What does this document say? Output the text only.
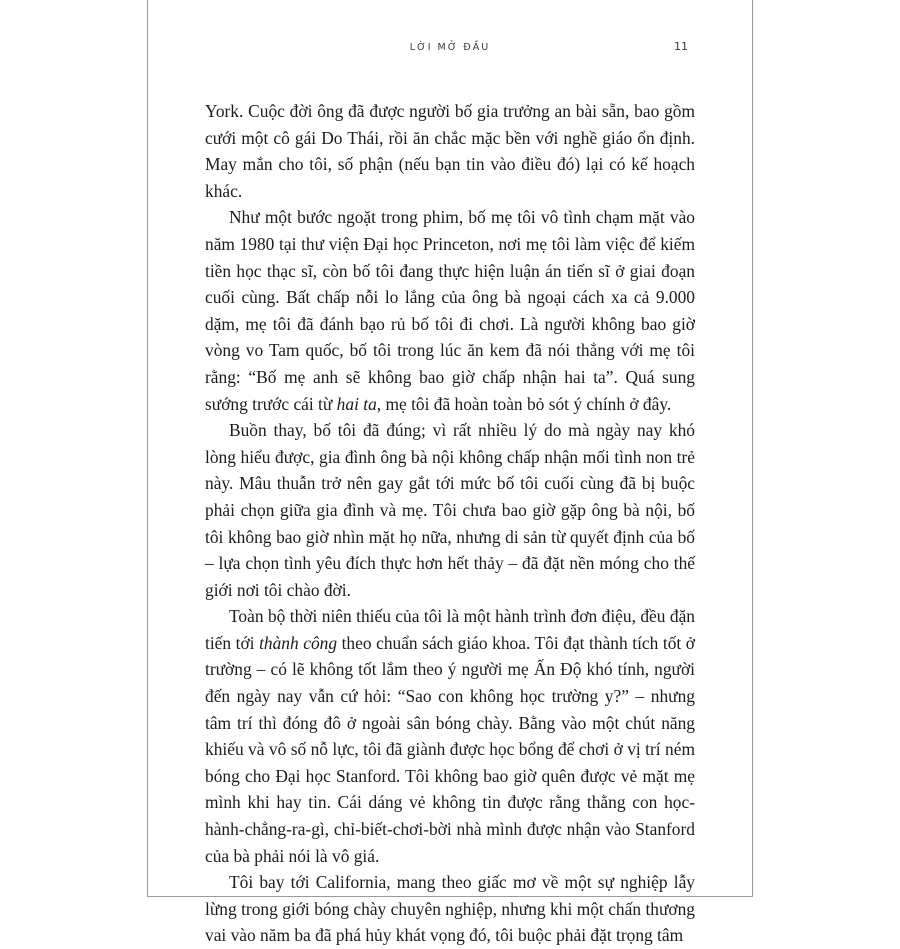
LỜI MỞ ĐẦU	11

York. Cuộc đời ông đã được người bố gia trưởng an bài sẵn, bao gồm cưới một cô gái Do Thái, rồi ăn chắc mặc bền với nghề giáo ổn định. May mắn cho tôi, số phận (nếu bạn tin vào điều đó) lại có kế hoạch khác.

Như một bước ngoặt trong phim, bố mẹ tôi vô tình chạm mặt vào năm 1980 tại thư viện Đại học Princeton, nơi mẹ tôi làm việc để kiếm tiền học thạc sĩ, còn bố tôi đang thực hiện luận án tiến sĩ ở giai đoạn cuối cùng. Bất chấp nỗi lo lắng của ông bà ngoại cách xa cả 9.000 dặm, mẹ tôi đã đánh bạo rủ bố tôi đi chơi. Là người không bao giờ vòng vo Tam quốc, bố tôi trong lúc ăn kem đã nói thẳng với mẹ tôi rằng: “Bố mẹ anh sẽ không bao giờ chấp nhận hai ta”. Quá sung sướng trước cái từ hai ta, mẹ tôi đã hoàn toàn bỏ sót ý chính ở đây.

Buồn thay, bố tôi đã đúng; vì rất nhiều lý do mà ngày nay khó lòng hiểu được, gia đình ông bà nội không chấp nhận mối tình non trẻ này. Mâu thuẫn trở nên gay gắt tới mức bố tôi cuối cùng đã bị buộc phải chọn giữa gia đình và mẹ. Tôi chưa bao giờ gặp ông bà nội, bố tôi không bao giờ nhìn mặt họ nữa, nhưng di sản từ quyết định của bố – lựa chọn tình yêu đích thực hơn hết thảy – đã đặt nền móng cho thế giới nơi tôi chào đời.

Toàn bộ thời niên thiếu của tôi là một hành trình đơn điệu, đều đặn tiến tới thành công theo chuẩn sách giáo khoa. Tôi đạt thành tích tốt ở trường – có lẽ không tốt lắm theo ý người mẹ Ấn Độ khó tính, người đến ngày nay vẫn cứ hỏi: “Sao con không học trường y?” – nhưng tâm trí thì đóng đô ở ngoài sân bóng chày. Bằng vào một chút năng khiếu và vô số nỗ lực, tôi đã giành được học bổng để chơi ở vị trí ném bóng cho Đại học Stanford. Tôi không bao giờ quên được vẻ mặt mẹ mình khi hay tin. Cái dáng vẻ không tin được rằng thằng con học-hành-chẳng-ra-gì, chỉ-biết-chơi-bời nhà mình được nhận vào Stanford của bà phải nói là vô giá.

Tôi bay tới California, mang theo giấc mơ về một sự nghiệp lẫy lừng trong giới bóng chày chuyên nghiệp, nhưng khi một chấn thương vai vào năm ba đã phá hủy khát vọng đó, tôi buộc phải đặt trọng tâm
